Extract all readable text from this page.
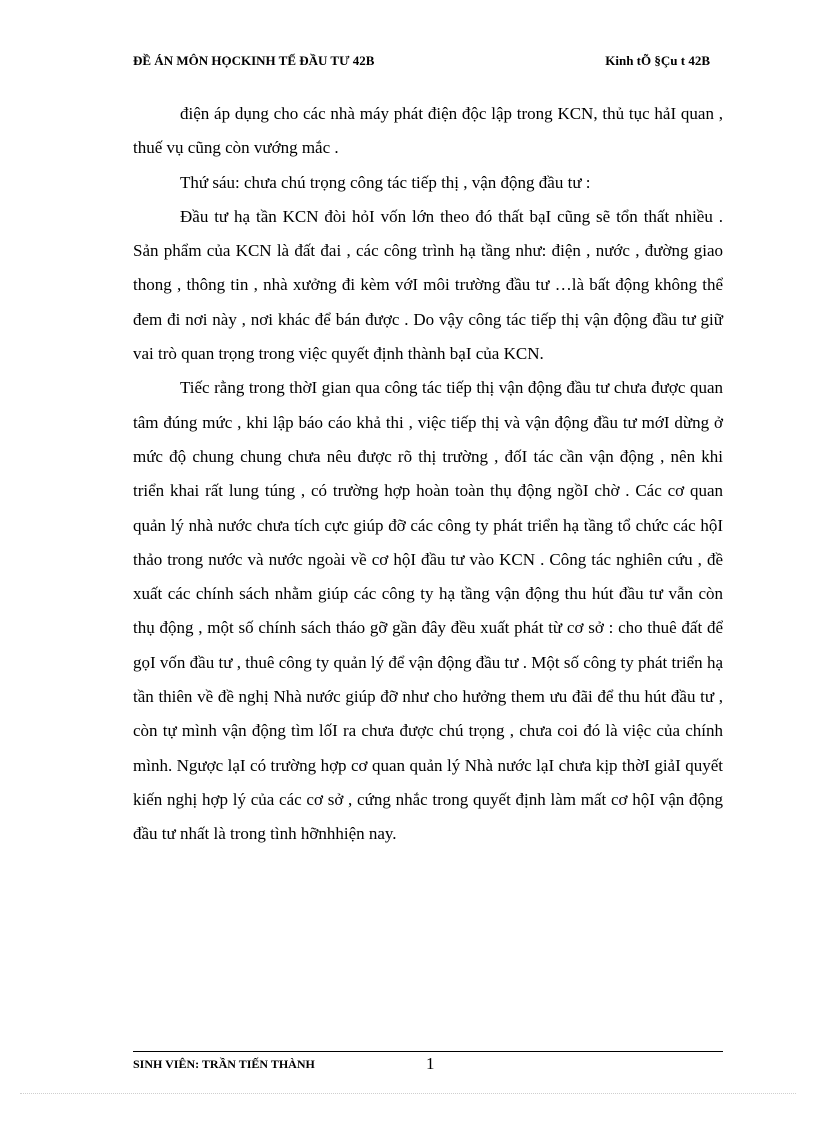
ĐỀ ÁN MÔN HỌCKINH TẾ ĐẦU TƯ 42B	Kinh tÕ §Çu t 42B

điện áp dụng cho các nhà máy phát điện độc lập trong KCN, thủ tục hảI quan , thuế vụ cũng còn vướng mắc .

Thứ sáu: chưa chú trọng công tác tiếp thị , vận động đầu tư :

Đầu tư hạ tần KCN đòi hỏI vốn lớn theo đó thất bạI cũng sẽ tổn thất nhiều . Sản phẩm của KCN là đất đai , các công trình hạ tầng như: điện , nước , đường giao thong , thông tin , nhà xưởng đi kèm vớI môi trường đầu tư …là bất động không thể đem đi nơi này , nơi khác để bán được . Do vậy công tác tiếp thị vận động đầu tư giữ vai trò quan trọng trong việc quyết định thành bạI của KCN.

Tiếc rằng trong thờI gian qua công tác tiếp thị vận động đầu tư chưa được quan tâm đúng mức , khi lập báo cáo khả thi , việc tiếp thị và vận động đầu tư mớI dừng ở mức độ chung chung chưa nêu được rõ thị trường , đốI tác cần vận động , nên khi triển khai rất lung túng , có trường hợp hoàn toàn thụ động ngồI chờ . Các cơ quan quản lý nhà nước chưa tích cực giúp đỡ các công ty phát triển hạ tầng tổ chức các hộI thảo trong nước và nước ngoài về cơ hộI đầu tư vào KCN . Công tác nghiên cứu , đề xuất các chính sách nhằm giúp các công ty hạ tầng vận động thu hút đầu tư vẫn còn thụ động , một số chính sách tháo gỡ gần đây đều xuất phát từ cơ sở : cho thuê đất để gọI vốn đầu tư , thuê công ty quản lý để vận động đầu tư . Một số công ty phát triển hạ tần thiên về đề nghị Nhà nước giúp đỡ như cho hưởng them ưu đãi để thu hút đầu tư , còn tự mình vận động tìm lốI ra chưa được chú trọng , chưa coi đó là việc của chính mình. Ngược lạI có trường hợp cơ quan quản lý Nhà nước lạI chưa kịp thờI giảI quyết kiến nghị hợp lý của các cơ sở , cứng nhắc trong quyết định làm mất cơ hộI vận động đầu tư nhất là trong tình hỡnhhiện nay.

SINH VIÊN: TRẦN TIẾN THÀNH	1
